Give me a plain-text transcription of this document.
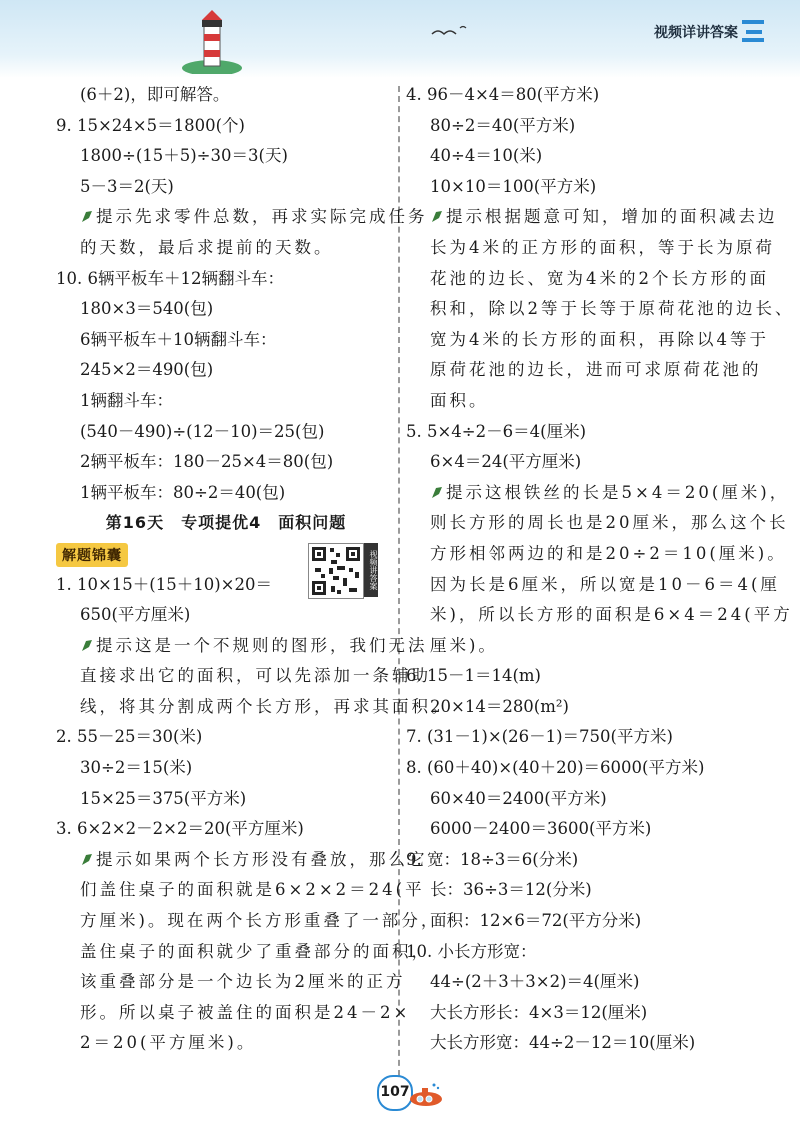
视频详讲答案
(6＋2)，即可解答。
9. 15×24×5＝1800(个)
1800÷(15＋5)÷30＝3(天)
5－3＝2(天)
提示先求零件总数，再求实际完成任务
的天数，最后求提前的天数。
10. 6辆平板车＋12辆翻斗车：
180×3＝540(包)
6辆平板车＋10辆翻斗车：
245×2＝490(包)
1辆翻斗车：
(540－490)÷(12－10)＝25(包)
2辆平板车：180－25×4＝80(包)
1辆平板车：80÷2＝40(包)
第16天　专项提优4　面积问题
解题锦囊	视频讲答案
1. 10×15＋(15＋10)×20＝
650(平方厘米)
提示这是一个不规则的图形，我们无法
直接求出它的面积，可以先添加一条辅助
线，将其分割成两个长方形，再求其面积。
2. 55－25＝30(米)
30÷2＝15(米)
15×25＝375(平方米)
3. 6×2×2－2×2＝20(平方厘米)
提示如果两个长方形没有叠放，那么它
们盖住桌子的面积就是6×2×2＝24(平
方厘米)。现在两个长方形重叠了一部分，
盖住桌子的面积就少了重叠部分的面积，
该重叠部分是一个边长为2厘米的正方
形。所以桌子被盖住的面积是24－2×
2＝20(平方厘米)。
4. 96－4×4＝80(平方米)
80÷2＝40(平方米)
40÷4＝10(米)
10×10＝100(平方米)
提示根据题意可知，增加的面积减去边
长为4米的正方形的面积，等于长为原荷
花池的边长、宽为4米的2个长方形的面
积和，除以2等于长等于原荷花池的边长、
宽为4米的长方形的面积，再除以4等于
原荷花池的边长，进而可求原荷花池的
面积。
5. 5×4÷2－6＝4(厘米)
6×4＝24(平方厘米)
提示这根铁丝的长是5×4＝20(厘米)，
则长方形的周长也是20厘米，那么这个长
方形相邻两边的和是20÷2＝10(厘米)。
因为长是6厘米，所以宽是10－6＝4(厘
米)，所以长方形的面积是6×4＝24(平方
厘米)。
6. 15－1＝14(m)
20×14＝280(m²)
7. (31－1)×(26－1)＝750(平方米)
8. (60＋40)×(40＋20)＝6000(平方米)
60×40＝2400(平方米)
6000－2400＝3600(平方米)
9. 宽：18÷3＝6(分米)
长：36÷3＝12(分米)
面积：12×6＝72(平方分米)
10. 小长方形宽：
44÷(2＋3＋3×2)＝4(厘米)
大长方形长：4×3＝12(厘米)
大长方形宽：44÷2－12＝10(厘米)
107
